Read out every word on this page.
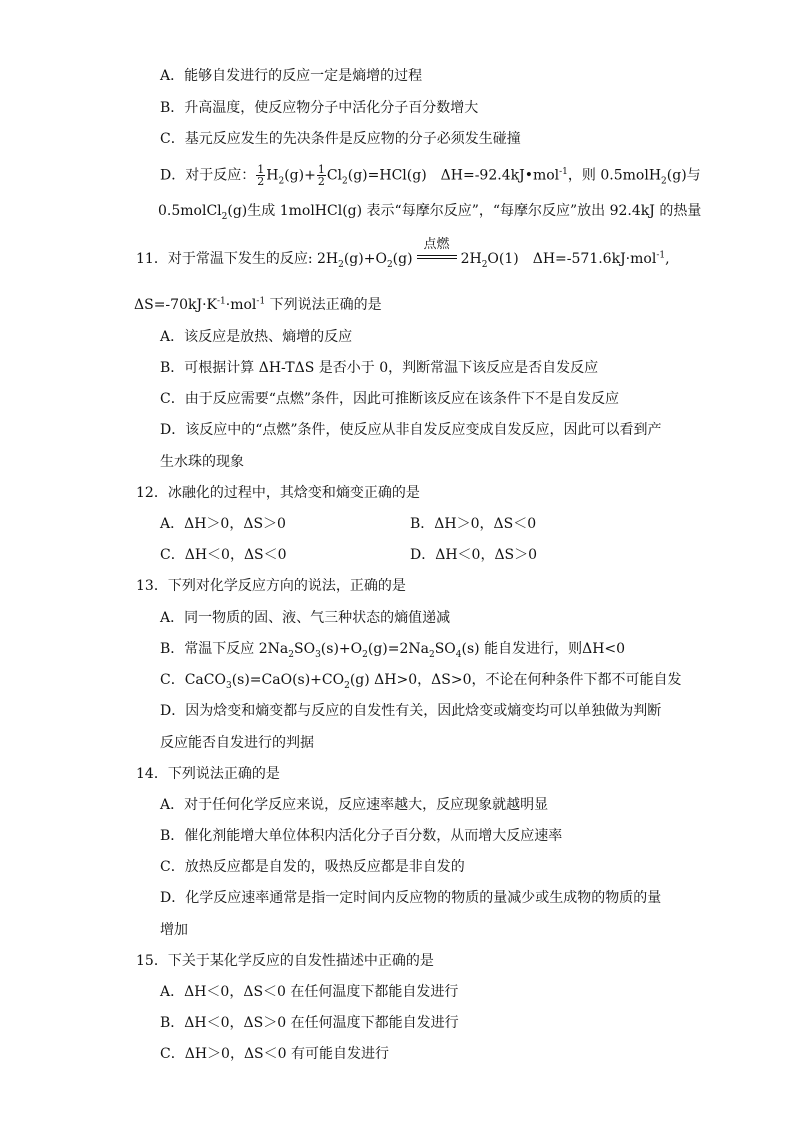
A．能够自发进行的反应一定是熵增的过程
B．升高温度，使反应物分子中活化分子百分数增大
C．基元反应发生的先决条件是反应物的分子必须发生碰撞
D．对于反应： $\frac{1}{2} H_2(g)+ \frac{1}{2} Cl_2(g)=HCl(g)$　ΔH=-92.4kJ•mol$^{-1}$，则 0.5molH$_2$(g)与
0.5molCl$_2$(g)生成 1molHCl(g) 表示“每摩尔反应”，“每摩尔反应”放出 92.4kJ 的热量
11．对于常温下发生的反应: $2H_2(g)+O_2(g)$
点燃
$2H_2O(1)$　ΔH=-571.6kJ·mol$^{-1}$,
$\Delta S=-70kJ\cdot K^{-1}\cdot mol^{-1}$ 下列说法正确的是
A．该反应是放热、熵增的反应
B．可根据计算 ΔH-TΔS 是否小于 0，判断常温下该反应是否自发反应
C．由于反应需要“点燃”条件，因此可推断该反应在该条件下不是自发反应
D．该反应中的“点燃”条件，使反应从非自发反应变成自发反应，因此可以看到产
生水珠的现象
12．冰融化的过程中，其焓变和熵变正确的是
A．ΔH＞0，ΔS＞0	B．ΔH＞0，ΔS＜0
C．ΔH＜0，ΔS＜0	D．ΔH＜0，ΔS＞0
13．下列对化学反应方向的说法，正确的是
A．同一物质的固、液、气三种状态的熵值递减
B．常温下反应 $2Na_2SO_3(s)+O_2(g)=2Na_2SO_4(s)$ 能自发进行，则ΔH<0
C．$CaCO_3(s)=CaO(s)+CO_2(g)$ ΔH>0，ΔS>0，不论在何种条件下都不可能自发
D．因为焓变和熵变都与反应的自发性有关，因此焓变或熵变均可以单独做为判断
反应能否自发进行的判据
14．下列说法正确的是
A．对于任何化学反应来说，反应速率越大，反应现象就越明显
B．催化剂能增大单位体积内活化分子百分数，从而增大反应速率
C．放热反应都是自发的，吸热反应都是非自发的
D．化学反应速率通常是指一定时间内反应物的物质的量减少或生成物的物质的量
增加
15．下关于某化学反应的自发性描述中正确的是
A．ΔH＜0，ΔS＜0 在任何温度下都能自发进行
B．ΔH＜0，ΔS＞0 在任何温度下都能自发进行
C．ΔH＞0，ΔS＜0 有可能自发进行
